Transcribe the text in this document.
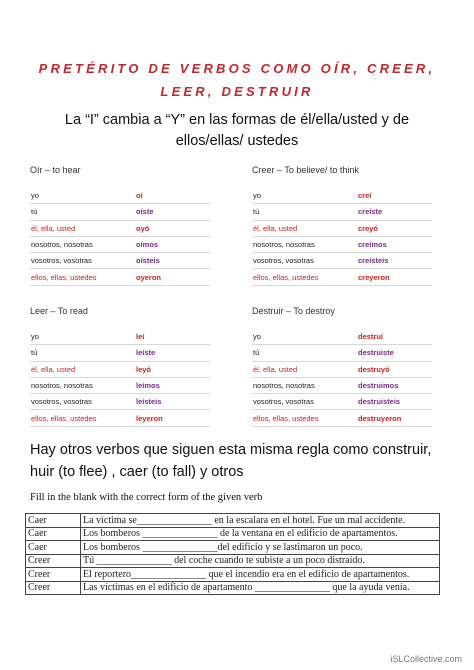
PRETÉRITO DE VERBOS COMO OÍR, CREER, LEER, DESTRUIR
La “I” cambia a “Y” en las formas de él/ella/usted y de ellos/ellas/ ustedes
Oír – to hear
yo	oí
tú	oíste
él, ella, usted	oyó
nosotros, nosotras	oímos
vosotros, vosotras	oísteis
ellos, ellas, ustedes	oyeron
Creer – To believe/ to think
yo	creí
tú	creíste
él, ella, usted	creyó
nosotros, nosotras	creímos
vosotros, vosotras	creísteis
ellos, ellas, ustedes	creyeron
Leer – To read
yo	leí
tú	leíste
él, ella, usted	leyó
nosotros, nosotras	leímos
vosotros, vosotras	leísteis
ellos, ellas, ustedes	leyeron
Destruir – To destroy
yo	destruí
tú	destruiste
él, ella, usted	destruyó
nosotros, nosotras	destruimos
vosotros, vosotras	destruisteis
ellos, ellas, ustedes	destruyeron
Hay otros verbos que siguen esta misma regla como construir, huir (to flee) , caer (to fall) y otros
Fill in the blank with the correct form of the given verb
Caer	La víctima se_______________ en la escalara en el hotel. Fue un mal accidente.
Caer	Los bomberos _______________ de la ventana en el edificio de apartamentos.
Caer	Los bomberos _______________del edificio y se lastimaron un poco.
Creer	Tú _______________ del coche cuando te subiste a un poco distraído.
Creer	El reportero_______________ que el incendio era en el edificio de apartamentos.
Creer	Las víctimas en el edificio de apartamento _______________ que la ayuda venía.
iSLCollective.com
